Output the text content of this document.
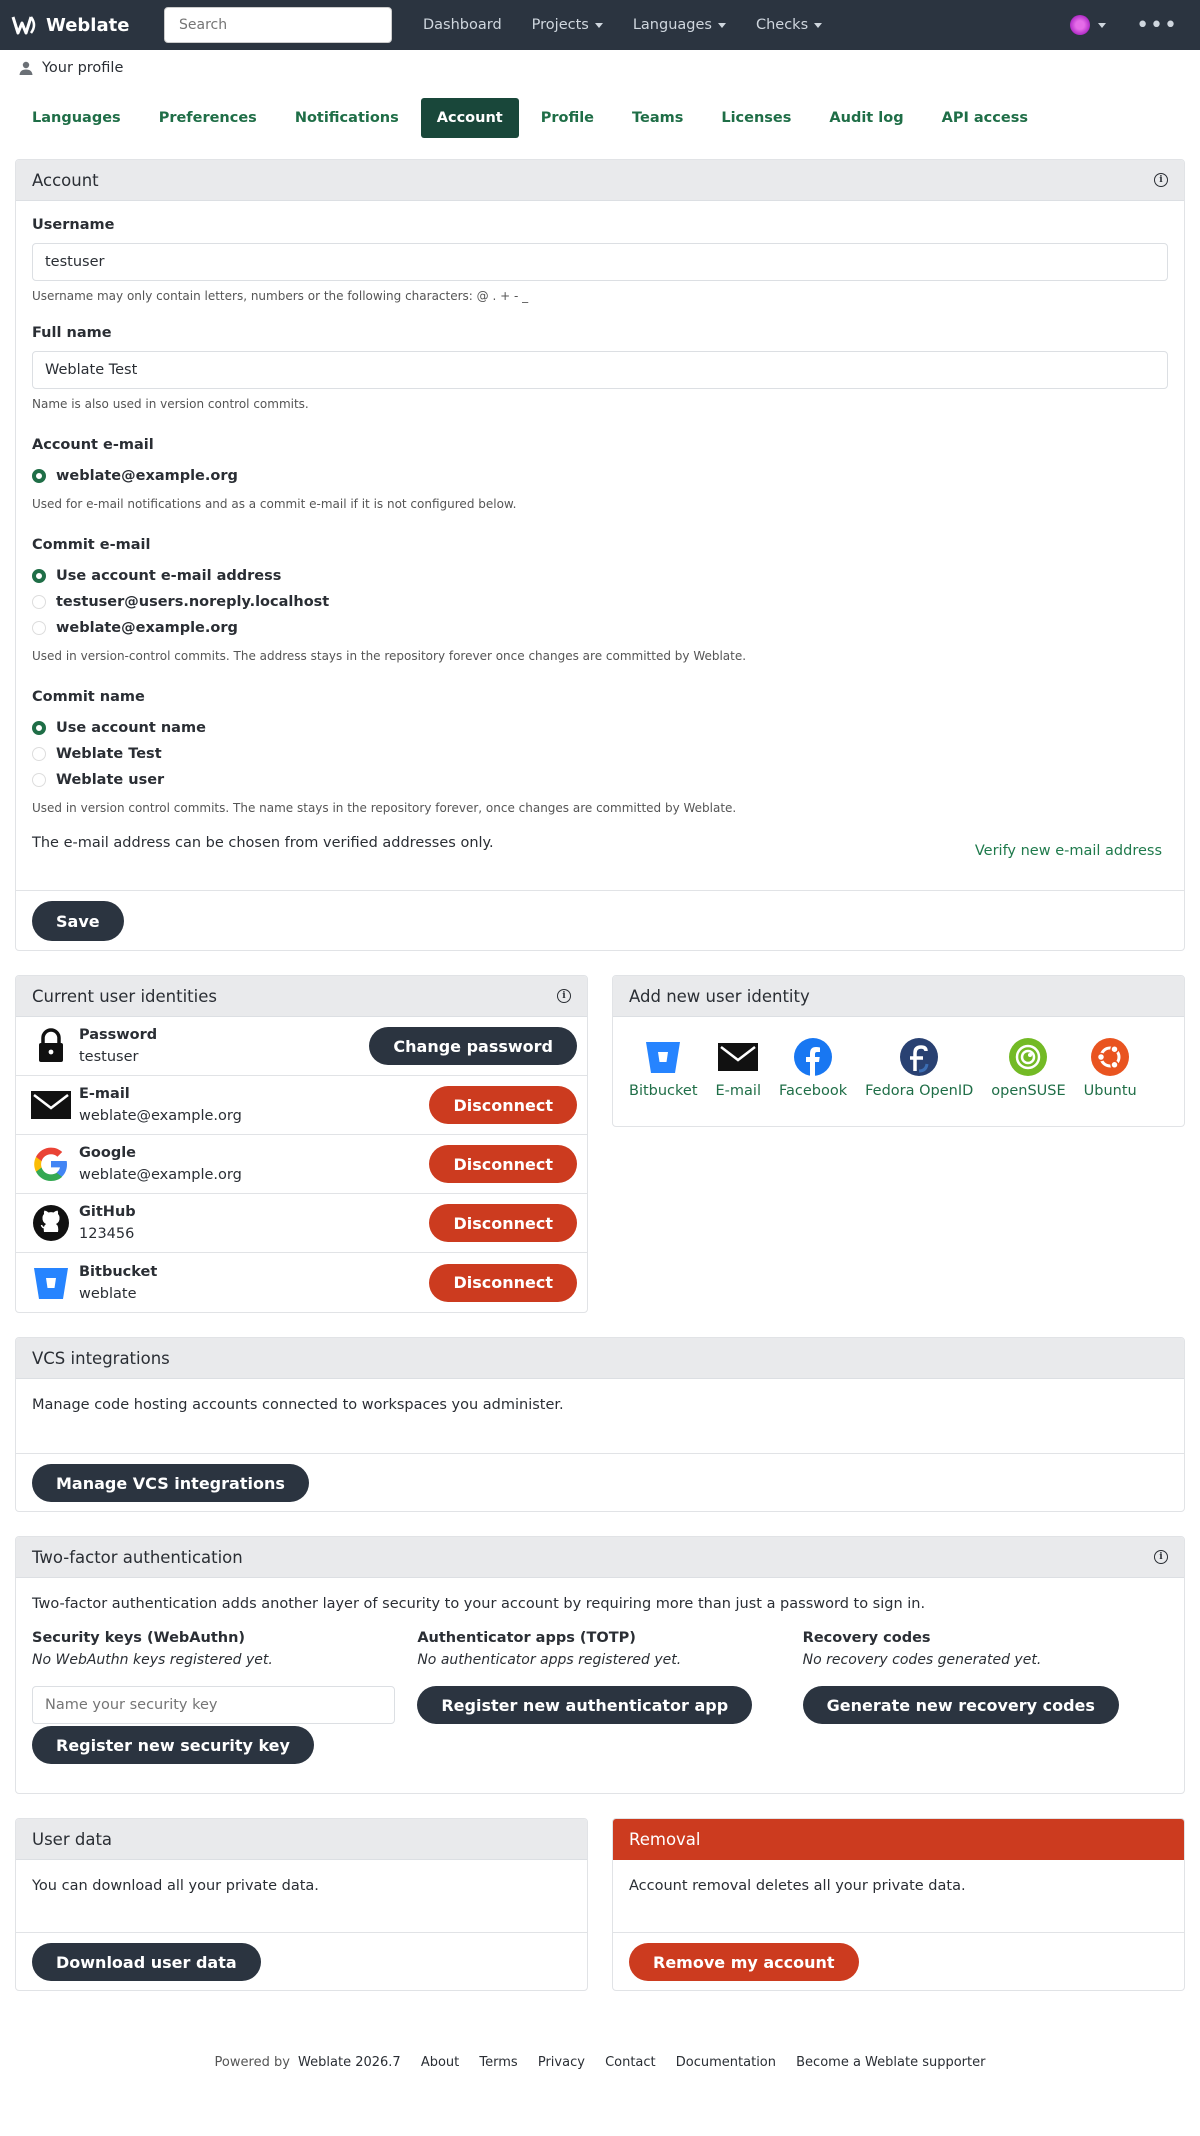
Weblate
Search	Dashboard Projects	Languages	Checks	•••
Your profile
Languages	Preferences	Notifications	Account	Profile	Teams	Licenses	Audit log	API access
Account	i
Username
testuser
Username may only contain letters, numbers or the following characters: @ . + - _
Full name
Weblate Test
Name is also used in version control commits.
Account e-mail
weblate@example.org
Used for e-mail notifications and as a commit e-mail if it is not configured below.
Commit e-mail
Use account e-mail address
testuser@users.noreply.localhost
weblate@example.org
Used in version-control commits. The address stays in the repository forever once changes are committed by Weblate.
Commit name
Use account name
Weblate Test
Weblate user
Used in version control commits. The name stays in the repository forever, once changes are committed by Weblate.
The e-mail address can be chosen from verified addresses only.	Verify new e-mail address
Save
Current user identities	i
Password
testuser
Change password
E-mail
weblate@example.org
Disconnect
Google
weblate@example.org
Disconnect
GitHub
123456
Disconnect
Bitbucket
weblate
Disconnect
Add new user identity
Bitbucket E-mail Facebook Fedora OpenID openSUSE Ubuntu
VCS integrations
Manage code hosting accounts connected to workspaces you administer.
Manage VCS integrations
Two-factor authentication	i
Two-factor authentication adds another layer of security to your account by requiring more than just a password to sign in.
Security keys (WebAuthn)
No WebAuthn keys registered yet.
Name your security key Register new security key
Authenticator apps (TOTP)
No authenticator apps registered yet.
Register new authenticator app
Recovery codes
No recovery codes generated yet.
Generate new recovery codes
User data
You can download all your private data.
Download user data
Removal
Account removal deletes all your private data.
Remove my account
Powered by Weblate 2026.7 About Terms Privacy Contact Documentation Become a Weblate supporter
